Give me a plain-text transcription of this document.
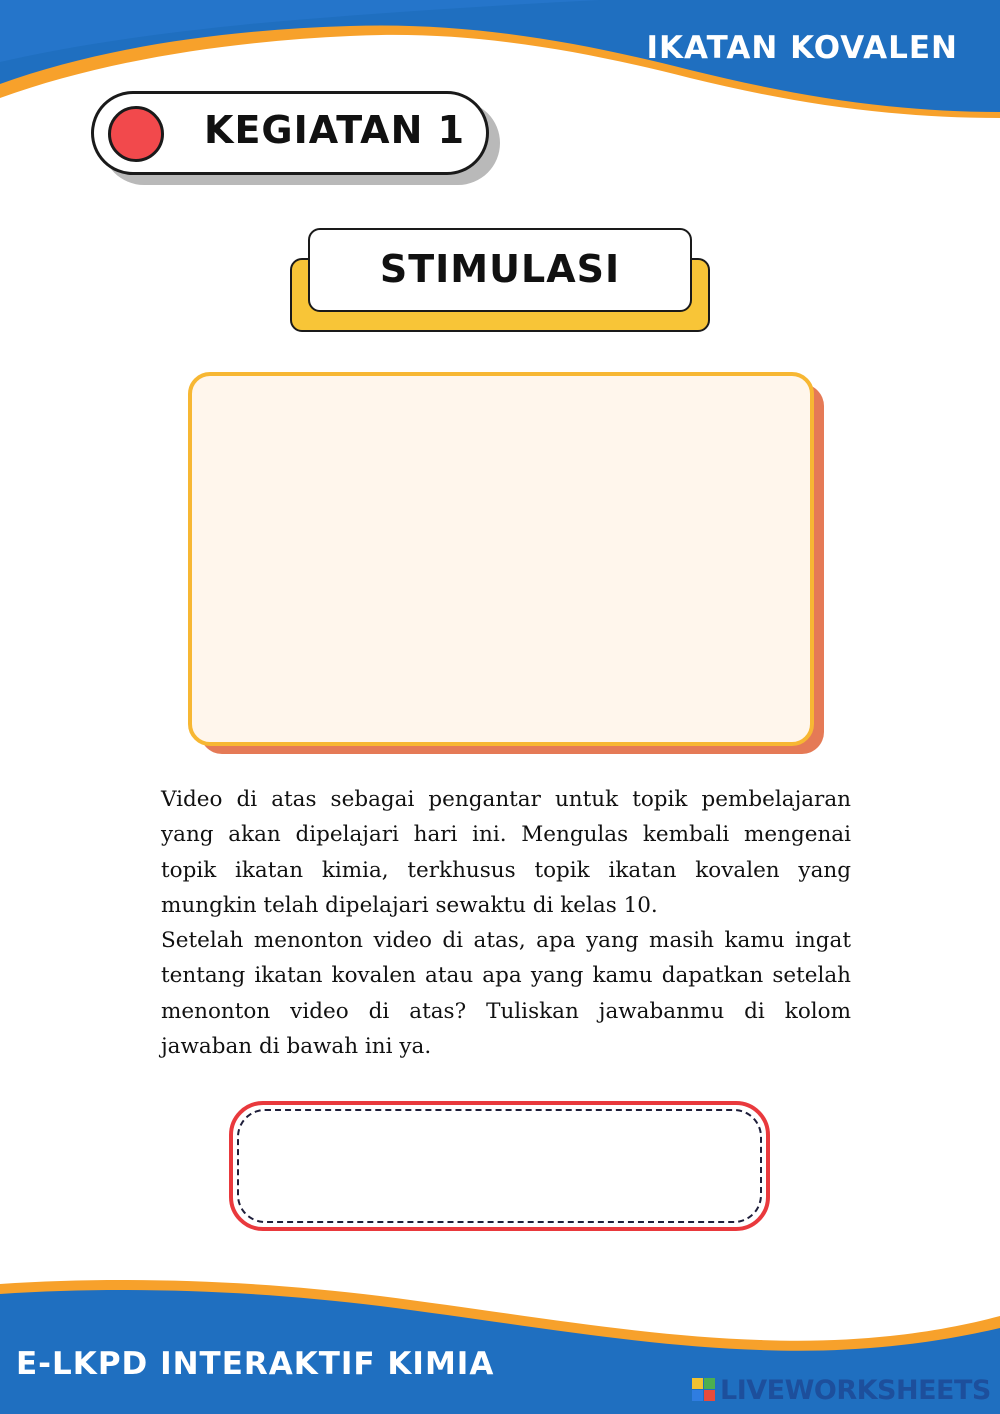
IKATAN KOVALEN
KEGIATAN 1
STIMULASI

Video di atas sebagai pengantar untuk topik pembelajaran yang akan dipelajari hari ini. Mengulas kembali mengenai topik ikatan kimia, terkhusus topik ikatan kovalen yang mungkin telah dipelajari sewaktu di kelas 10.

Setelah menonton video di atas, apa yang masih kamu ingat tentang ikatan kovalen atau apa yang kamu dapatkan setelah menonton video di atas? Tuliskan jawabanmu di kolom jawaban di bawah ini ya.

E-LKPD INTERAKTIF KIMIA
LIVEWORKSHEETS
